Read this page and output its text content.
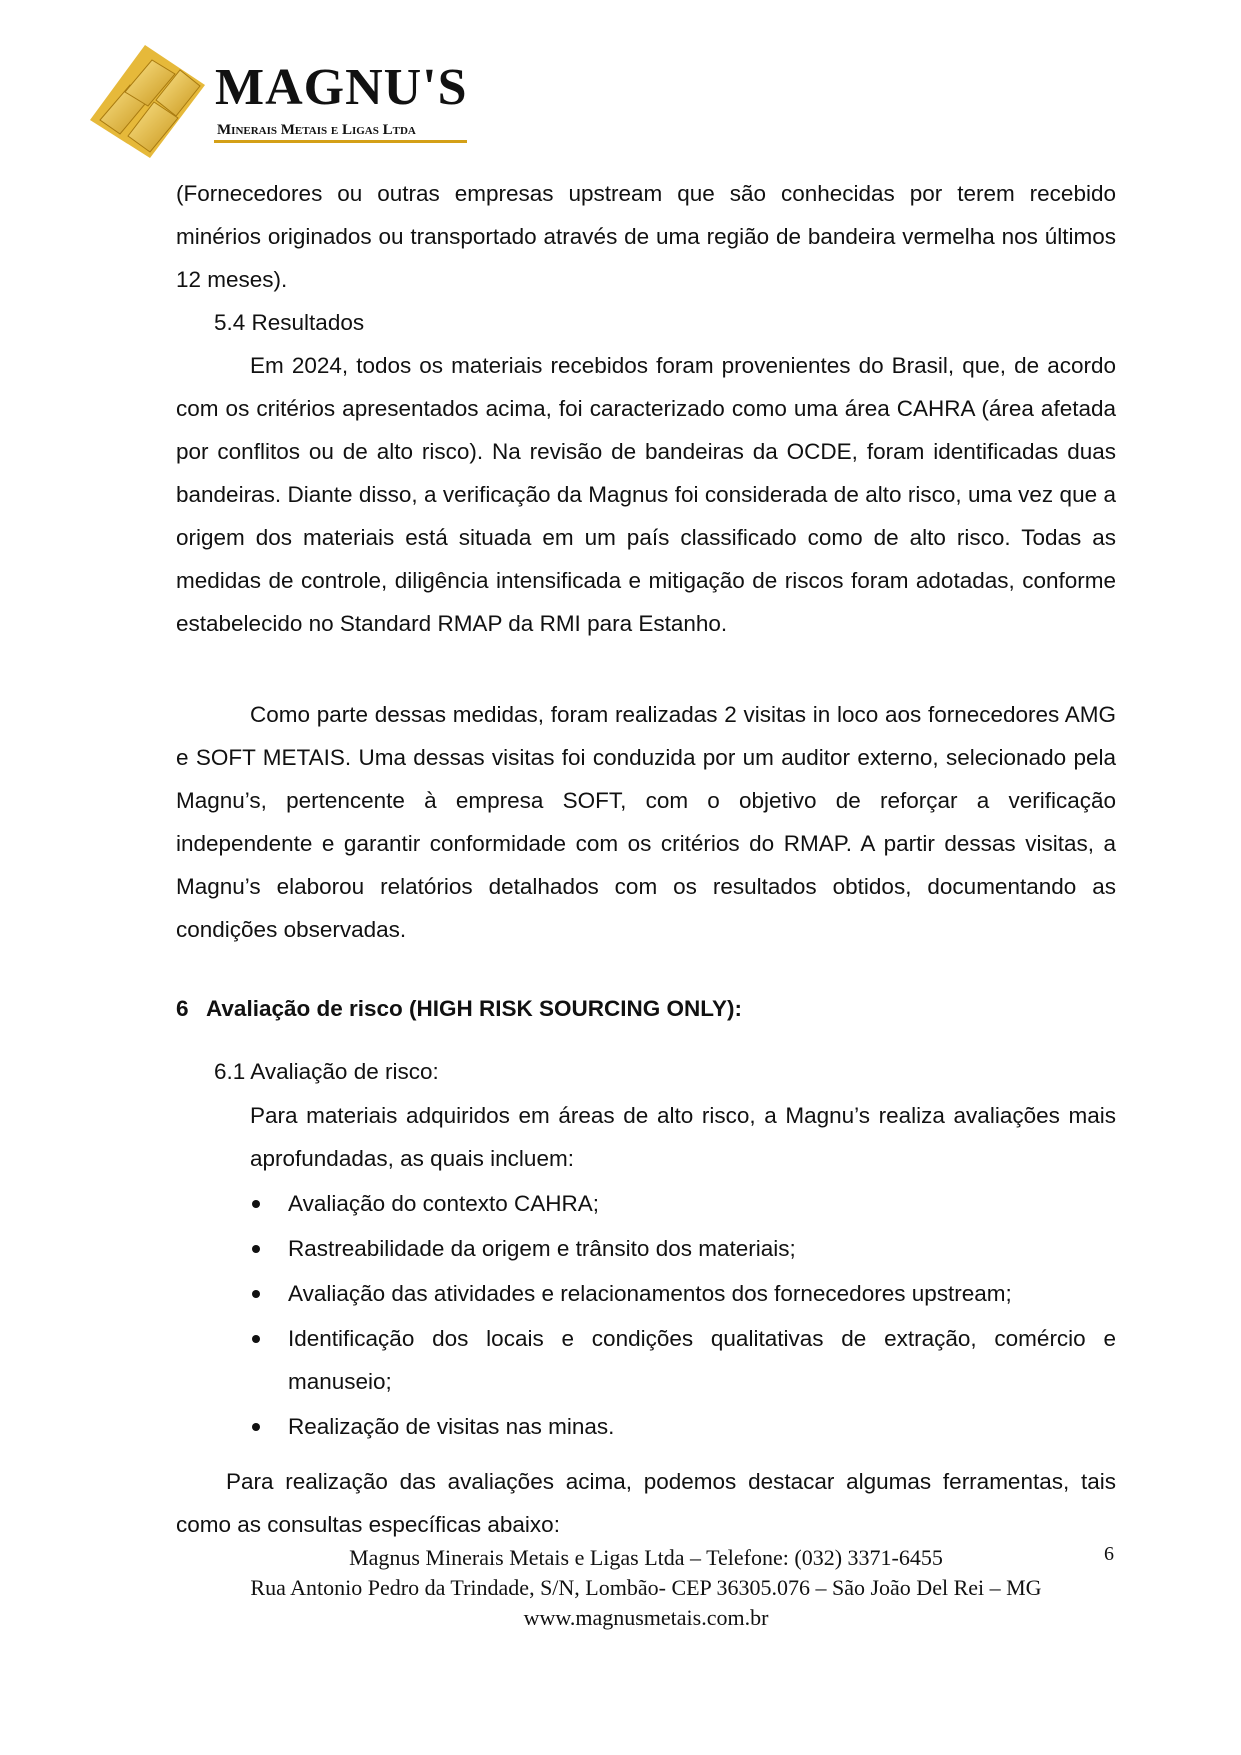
MAGNU'S
Minerais Metais e Ligas Ltda

(Fornecedores ou outras empresas upstream que são conhecidas por terem recebido minérios originados ou transportado através de uma região de bandeira vermelha nos últimos 12 meses).

5.4 Resultados

Em 2024, todos os materiais recebidos foram provenientes do Brasil, que, de acordo com os critérios apresentados acima, foi caracterizado como uma área CAHRA (área afetada por conflitos ou de alto risco). Na revisão de bandeiras da OCDE, foram identificadas duas bandeiras. Diante disso, a verificação da Magnus foi considerada de alto risco, uma vez que a origem dos materiais está situada em um país classificado como de alto risco. Todas as medidas de controle, diligência intensificada e mitigação de riscos foram adotadas, conforme estabelecido no Standard RMAP da RMI para Estanho.

Como parte dessas medidas, foram realizadas 2 visitas in loco aos fornecedores AMG e SOFT METAIS. Uma dessas visitas foi conduzida por um auditor externo, selecionado pela Magnu’s, pertencente à empresa SOFT, com o objetivo de reforçar a verificação independente e garantir conformidade com os critérios do RMAP. A partir dessas visitas, a Magnu’s elaborou relatórios detalhados com os resultados obtidos, documentando as condições observadas.

6 Avaliação de risco (HIGH RISK SOURCING ONLY):
6.1 Avaliação de risco:

Para materiais adquiridos em áreas de alto risco, a Magnu’s realiza avaliações mais aprofundadas, as quais incluem:

Avaliação do contexto CAHRA;
Rastreabilidade da origem e trânsito dos materiais;
Avaliação das atividades e relacionamentos dos fornecedores upstream;
Identificação dos locais e condições qualitativas de extração, comércio e manuseio;
Realização de visitas nas minas.

Para realização das avaliações acima, podemos destacar algumas ferramentas, tais como as consultas específicas abaixo:

Magnus Minerais Metais e Ligas Ltda – Telefone: (032) 3371-6455
Rua Antonio Pedro da Trindade, S/N, Lombão- CEP 36305.076 – São João Del Rei – MG
www.magnusmetais.com.br
6
